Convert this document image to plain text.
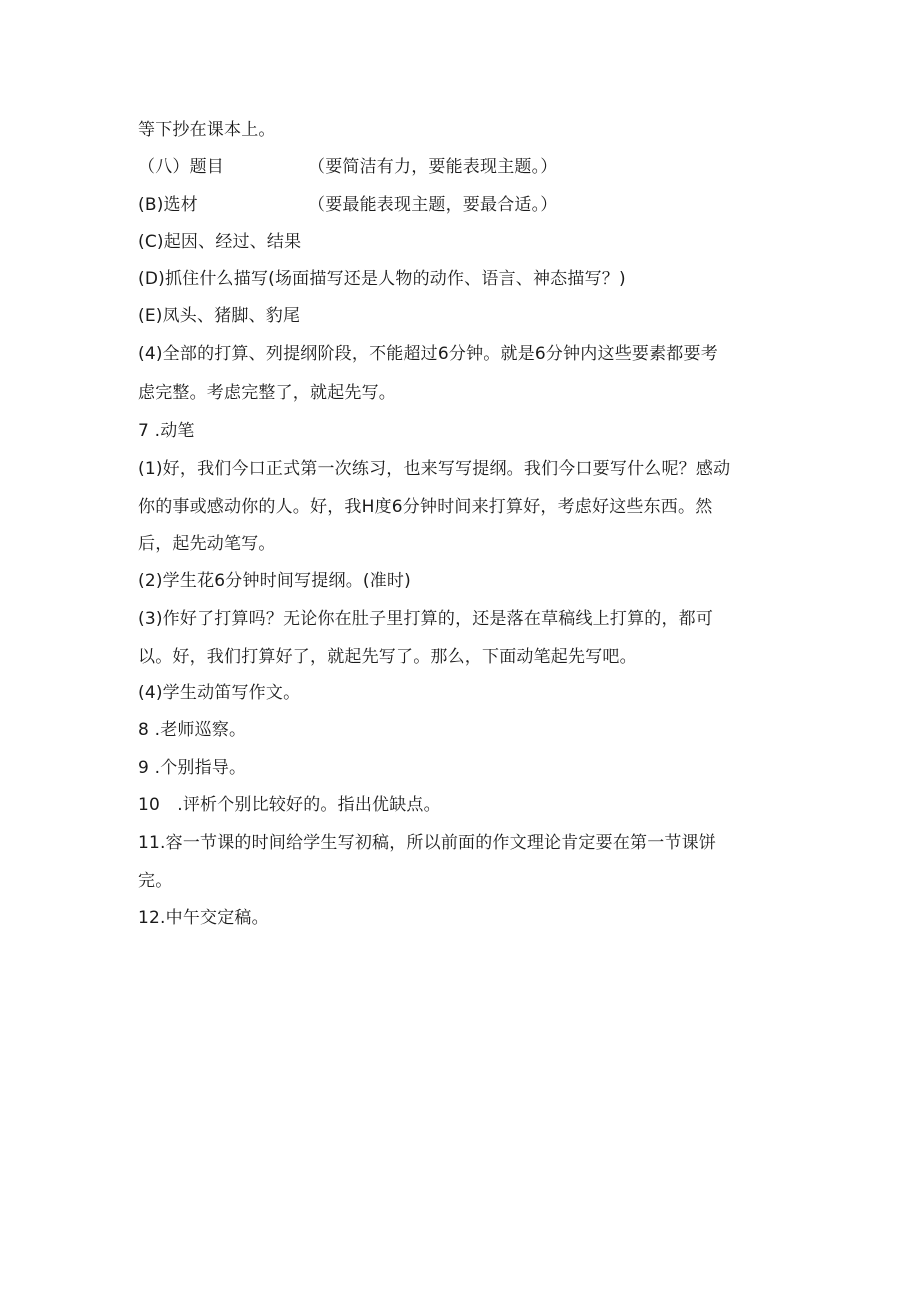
等下抄在课本上。
（八）题目	（要简洁有力，要能表现主题。）
(B)选材	（要最能表现主题，要最合适。）
(C)起因、经过、结果
(D)抓住什么描写(场面描写还是人物的动作、语言、神态描写？)
(E)凤头、猪脚、豹尾
(4)全部的打算、列提纲阶段，不能超过6分钟。就是6分钟内这些要素都要考
虑完整。考虑完整了，就起先写。
7 .动笔
(1)好，我们今口正式第一次练习，也来写写提纲。我们今口要写什么呢？感动
你的事或感动你的人。好，我H度6分钟时间来打算好，考虑好这些东西。然
后，起先动笔写。
(2)学生花6分钟时间写提纲。(准时)
(3)作好了打算吗？无论你在肚子里打算的，还是落在草稿线上打算的，都可
以。好，我们打算好了，就起先写了。那么，下面动笔起先写吧。
(4)学生动笛写作文。
8 .老师巡察。
9 .个别指导。
10　.评析个别比较好的。指出优缺点。
11.容一节课的时间给学生写初稿，所以前面的作文理论肯定要在第一节课饼
完。
12.中午交定稿。
